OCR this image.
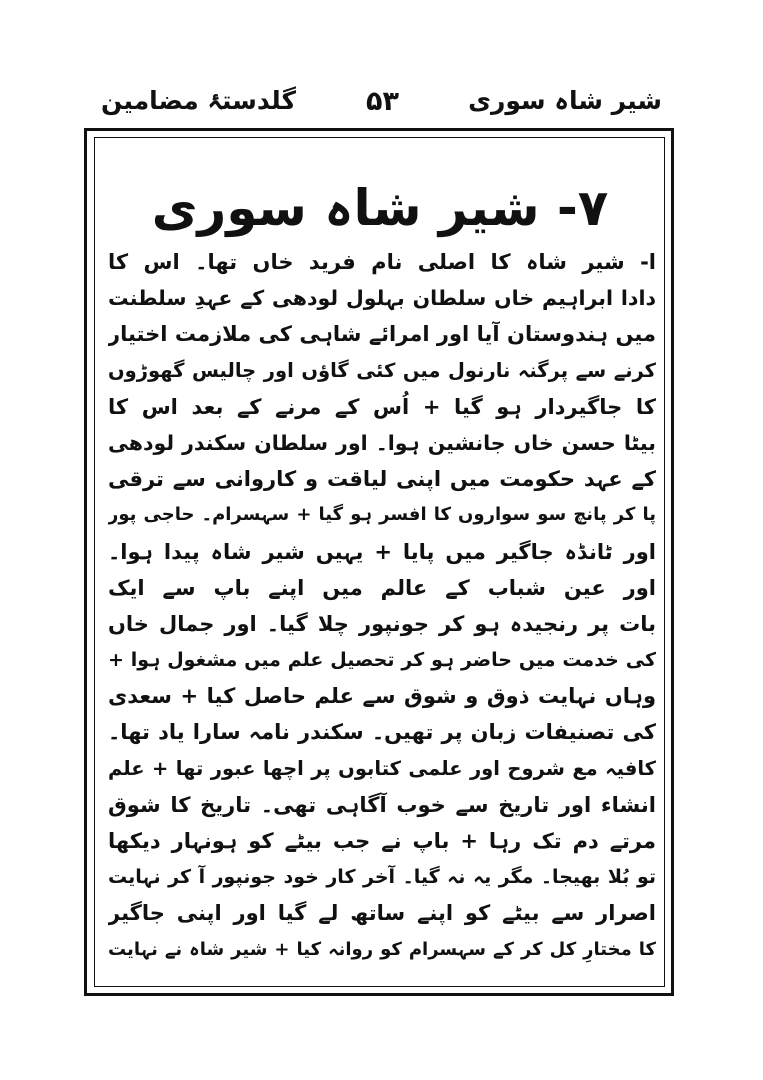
شیر شاہ سوری
۵۳
گلدستۂ مضامین
۷- شیر شاہ سوری
ا- شیر شاہ کا اصلی نام فرید خاں تھا۔ اس کا
دادا ابراہیم خاں سلطان بہلول لودھی کے عہدِ سلطنت
میں ہندوستان آیا اور امرائے شاہی کی ملازمت اختیار
کرنے سے پرگنہ نارنول میں کئی گاؤں اور چالیس گھوڑوں
کا جاگیردار ہو گیا + اُس کے مرنے کے بعد اس کا
بیٹا حسن خاں جانشین ہوا۔ اور سلطان سکندر لودھی
کے عہد حکومت میں اپنی لیاقت و کاروانی سے ترقی
پا کر پانچ سو سواروں کا افسر ہو گیا + سہسرام۔ حاجی پور
اور ٹانڈہ جاگیر میں پایا + یہیں شیر شاہ پیدا ہوا۔
اور عین شباب کے عالم میں اپنے باپ سے ایک
بات پر رنجیدہ ہو کر جونپور چلا گیا۔ اور جمال خاں
کی خدمت میں حاضر ہو کر تحصیل علم میں مشغول ہوا +
وہاں نہایت ذوق و شوق سے علم حاصل کیا + سعدی
کی تصنیفات زبان پر تھیں۔ سکندر نامہ سارا یاد تھا۔
کافیہ مع شروح اور علمی کتابوں پر اچھا عبور تھا + علم
انشاء اور تاریخ سے خوب آگاہی تھی۔ تاریخ کا شوق
مرتے دم تک رہا + باپ نے جب بیٹے کو ہونہار دیکھا
تو بُلا بھیجا۔ مگر یہ نہ گیا۔ آخر کار خود جونپور آ کر نہایت
اصرار سے بیٹے کو اپنے ساتھ لے گیا اور اپنی جاگیر
کا مختارِ کل کر کے سہسرام کو روانہ کیا + شیر شاہ نے نہایت
